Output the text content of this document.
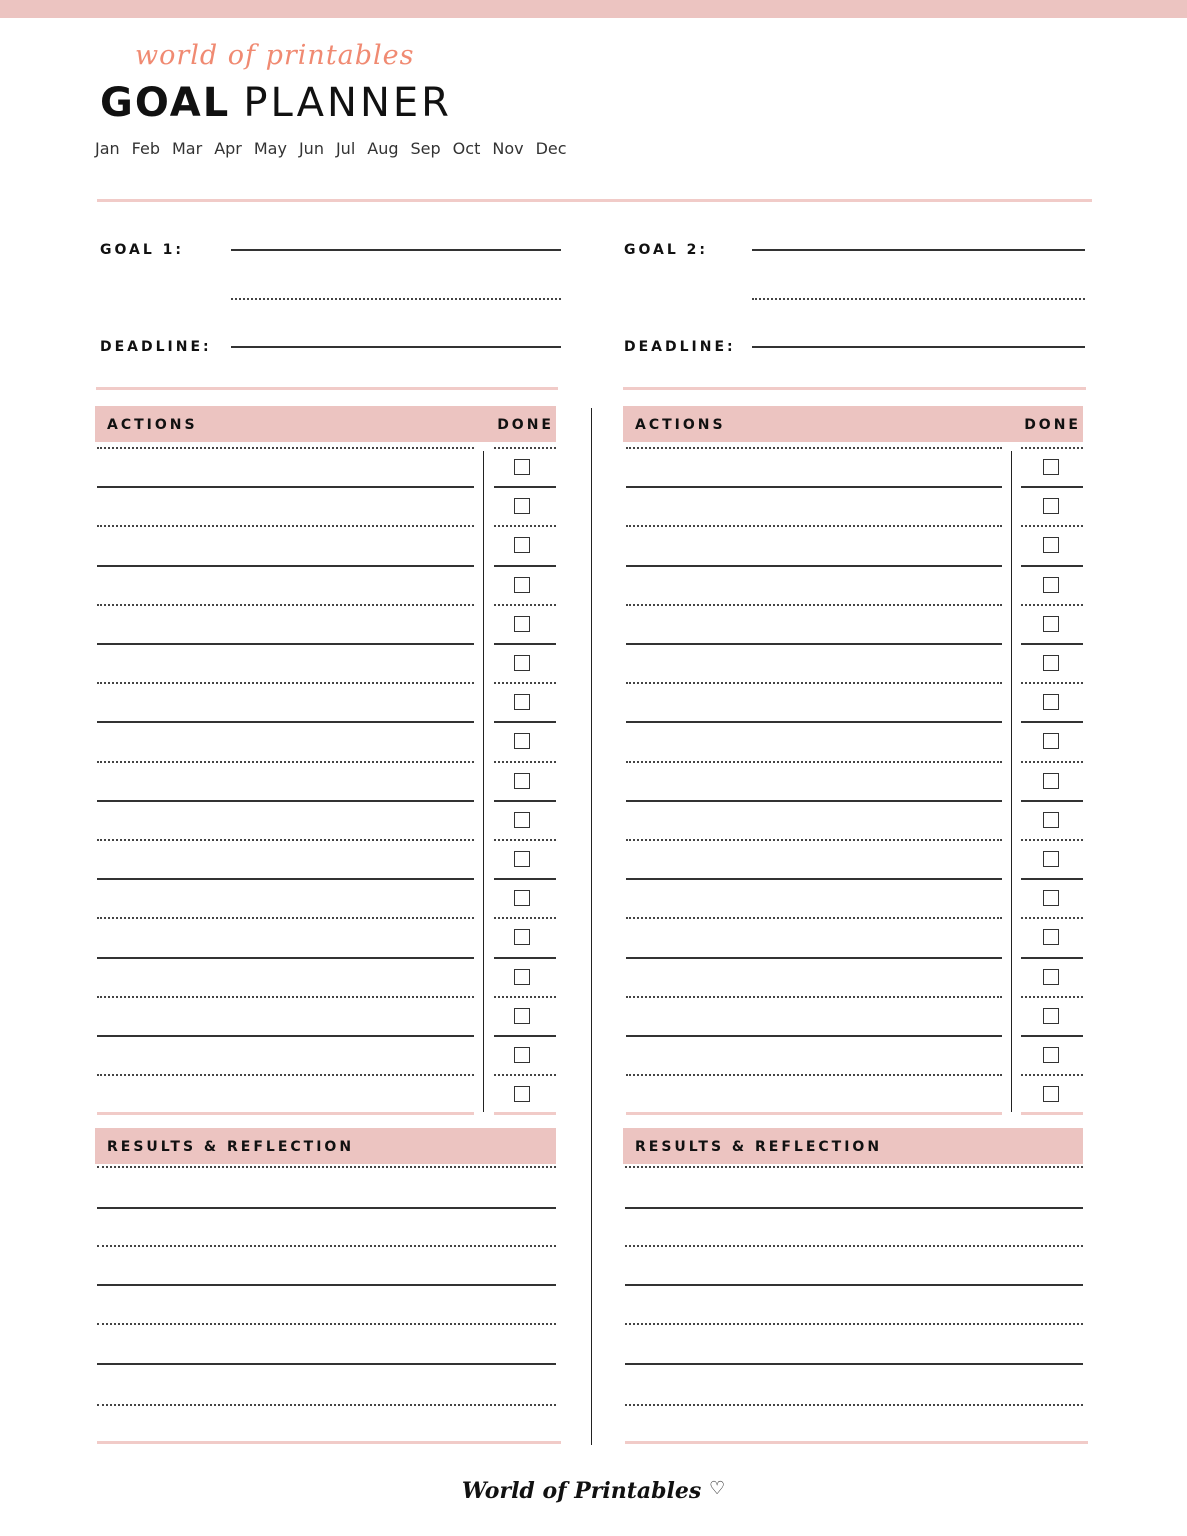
world of printables
GOAL PLANNER
Jan Feb Mar Apr May Jun Jul Aug Sep Oct Nov Dec
GOAL 1:
DEADLINE:
ACTIONS	DONE
RESULTS & REFLECTION
GOAL 2:
DEADLINE:
ACTIONS	DONE
RESULTS & REFLECTION
World of Printables ♡
